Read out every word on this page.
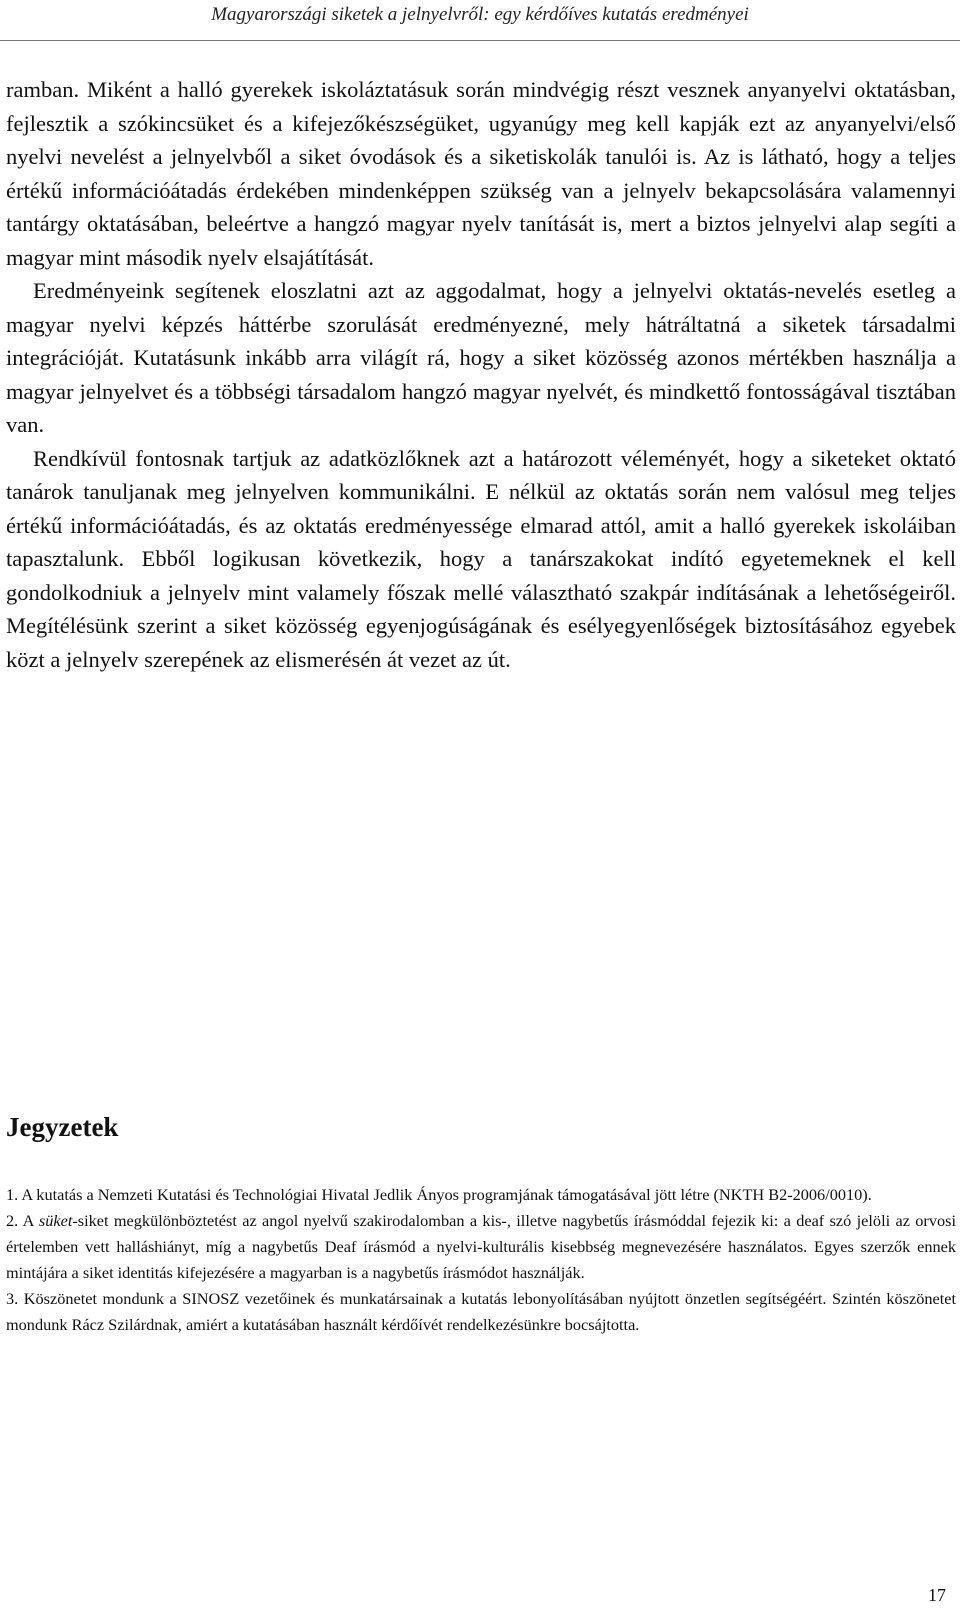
Magyarországi siketek a jelnyelvről: egy kérdőíves kutatás eredményei

ramban. Miként a halló gyerekek iskoláztatásuk során mindvégig részt vesznek anyanyelvi oktatásban, fejlesztik a szókincsüket és a kifejezőkészségüket, ugyanúgy meg kell kapják ezt az anyanyelvi/első nyelvi nevelést a jelnyelvből a siket óvodások és a siketiskolák tanulói is. Az is látható, hogy a teljes értékű információátadás érdekében mindenképpen szükség van a jelnyelv bekapcsolására valamennyi tantárgy oktatásában, beleértve a hangzó magyar nyelv tanítását is, mert a biztos jelnyelvi alap segíti a magyar mint második nyelv elsajátítását.

Eredményeink segítenek eloszlatni azt az aggodalmat, hogy a jelnyelvi oktatás-nevelés esetleg a magyar nyelvi képzés háttérbe szorulását eredményezné, mely hátráltatná a siketek társadalmi integrációját. Kutatásunk inkább arra világít rá, hogy a siket közösség azonos mértékben használja a magyar jelnyelvet és a többségi társadalom hangzó magyar nyelvét, és mindkettő fontosságával tisztában van.

Rendkívül fontosnak tartjuk az adatközlőknek azt a határozott véleményét, hogy a siketeket oktató tanárok tanuljanak meg jelnyelven kommunikálni. E nélkül az oktatás során nem valósul meg teljes értékű információátadás, és az oktatás eredményessége elmarad attól, amit a halló gyerekek iskoláiban tapasztalunk. Ebből logikusan következik, hogy a tanárszakokat indító egyetemeknek el kell gondolkodniuk a jelnyelv mint valamely főszak mellé választható szakpár indításának a lehetőségeiről. Megítélésünk szerint a siket közösség egyenjogúságának és esélyegyenlőségek biztosításához egyebek közt a jelnyelv szerepének az elismerésén át vezet az út.

Jegyzetek

1. A kutatás a Nemzeti Kutatási és Technológiai Hivatal Jedlik Ányos programjának támogatásával jött létre (NKTH B2-2006/0010).

2. A süket-siket megkülönböztetést az angol nyelvű szakirodalomban a kis-, illetve nagybetűs írásmóddal fejezik ki: a deaf szó jelöli az orvosi értelemben vett halláshiányt, míg a nagybetűs Deaf írásmód a nyelvi-kulturális kisebbség megnevezésére használatos. Egyes szerzők ennek mintájára a siket identitás kifejezésére a magyarban is a nagybetűs írásmódot használják.

3. Köszönetet mondunk a SINOSZ vezetőinek és munkatársainak a kutatás lebonyolításában nyújtott önzetlen segítségéért. Szintén köszönetet mondunk Rácz Szilárdnak, amiért a kutatásában használt kérdőívét rendelkezésünkre bocsájtotta.

17
